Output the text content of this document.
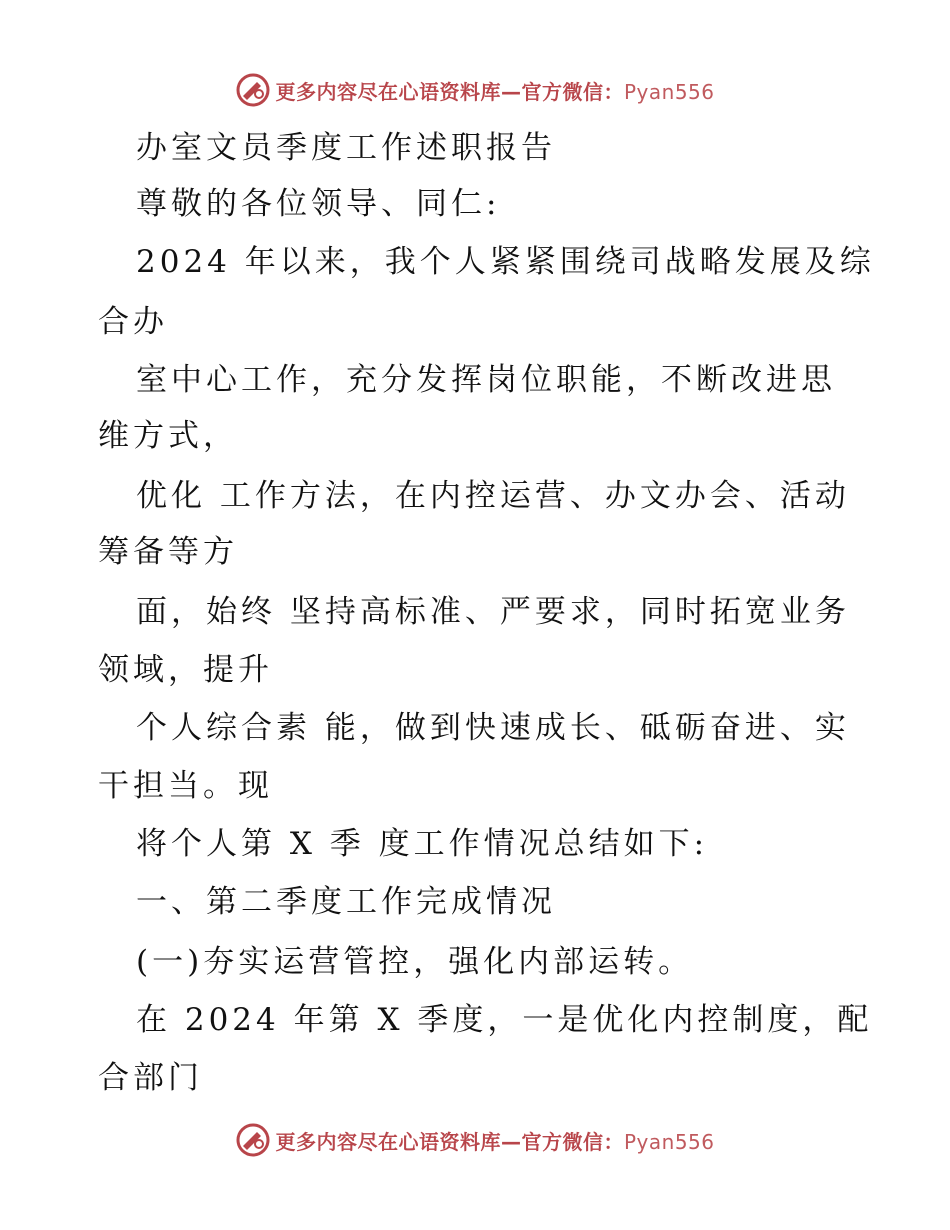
更多内容尽在心语资料库—官方微信：Pyan556
办室文员季度工作述职报告
尊敬的各位领导、同仁:
2024 年以来，我个人紧紧围绕司战略发展及综
合办
室中心工作，充分发挥岗位职能，不断改进思
维方式，
优化 工作方法，在内控运营、办文办会、活动
筹备等方
面，始终 坚持高标准、严要求，同时拓宽业务
领域，提升
个人综合素 能，做到快速成长、砥砺奋进、实
干担当。现
将个人第 X 季 度工作情况总结如下:
一、第二季度工作完成情况
(一)夯实运营管控，强化内部运转。
在 2024 年第 X 季度，一是优化内控制度，配
合部门
更多内容尽在心语资料库—官方微信：Pyan556
